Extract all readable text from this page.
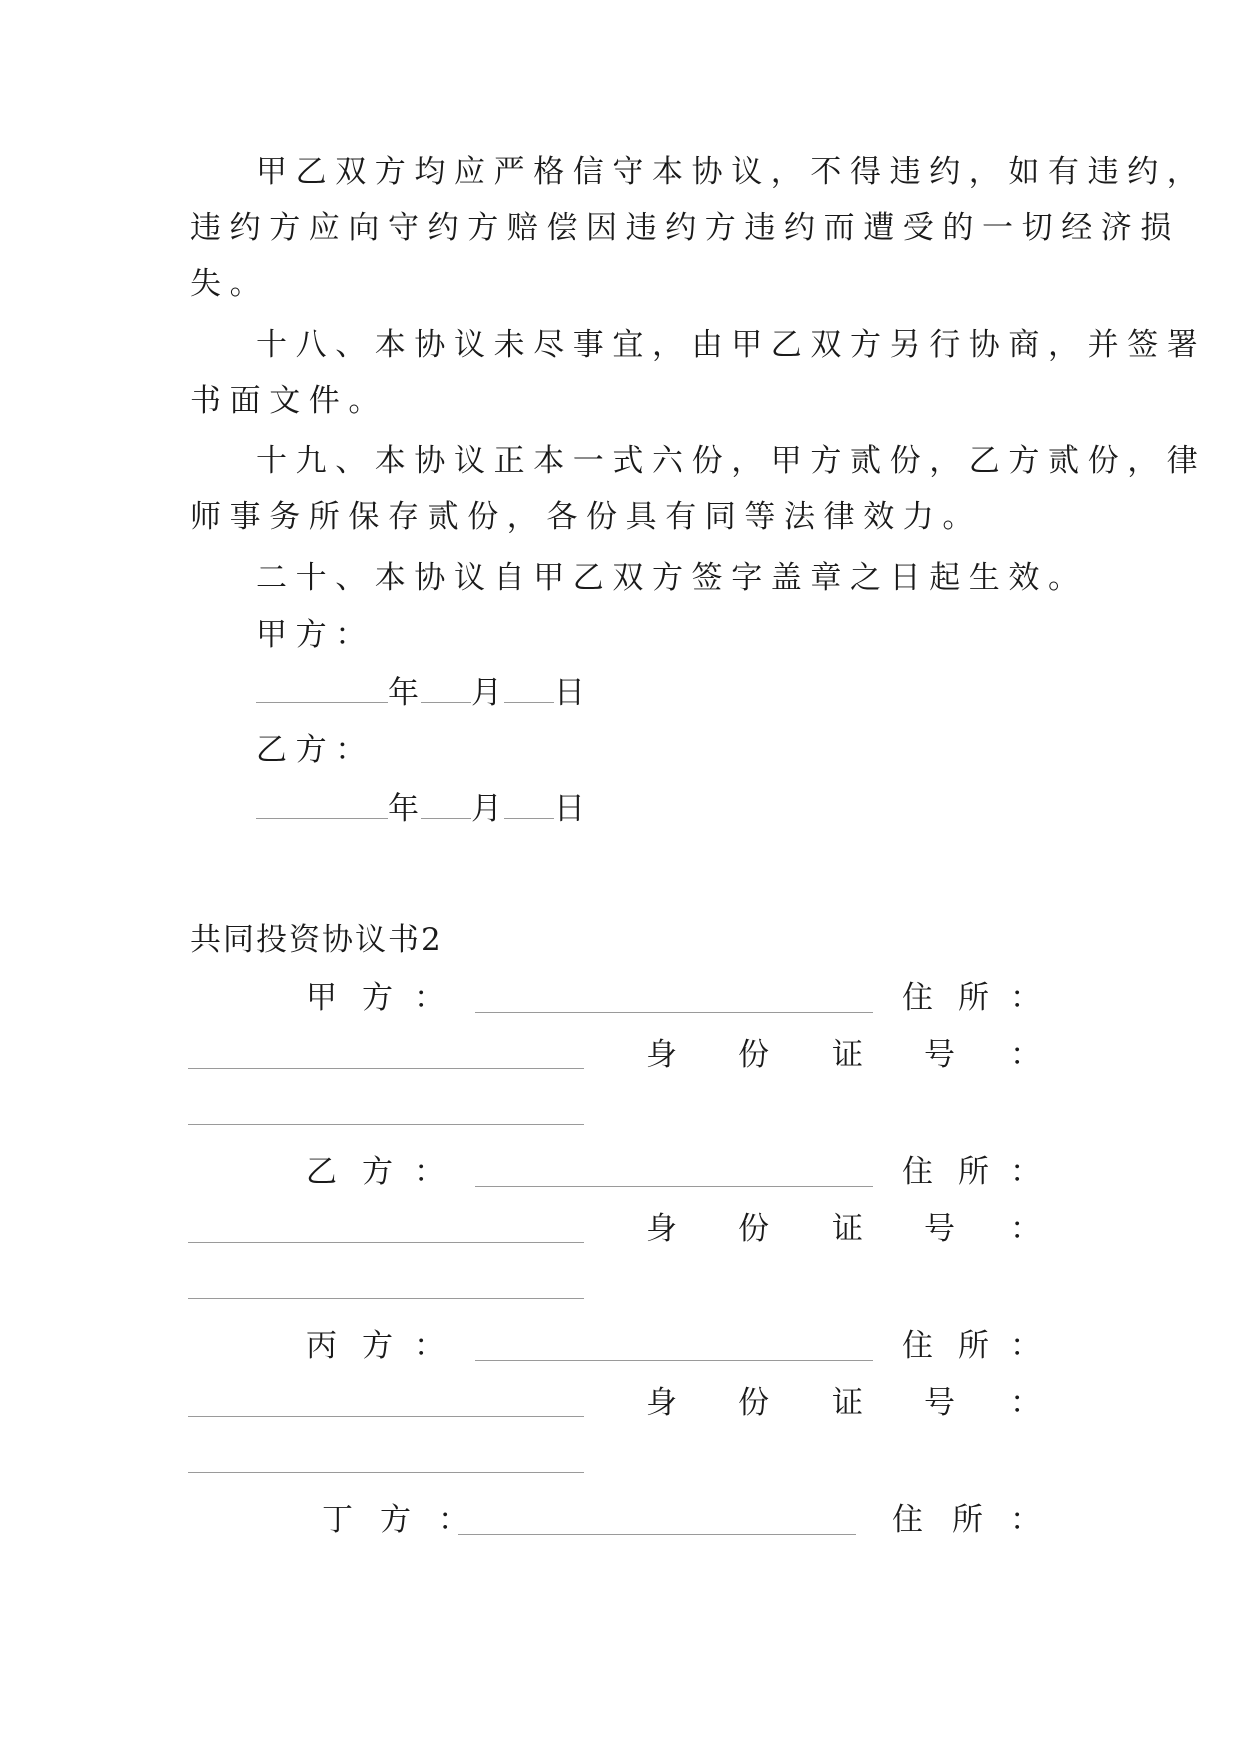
甲乙双方均应严格信守本协议，不得违约，如有违约，
违约方应向守约方赔偿因违约方违约而遭受的一切经济损
失。
十八、本协议未尽事宜，由甲乙双方另行协商，并签署
书面文件。
十九、本协议正本一式六份，甲方贰份，乙方贰份，律
师事务所保存贰份，各份具有同等法律效力。
二十、本协议自甲乙双方签字盖章之日起生效。
甲方：
年 月 日
乙方：
年 月 日
共同投资协议书2
甲 方 ：	住 所 ：
身 份 证 号 ：
乙 方 ：	住 所 ：
身 份 证 号 ：
丙 方 ：	住 所 ：
身 份 证 号 ：
丁 方 ：	住 所 ：
